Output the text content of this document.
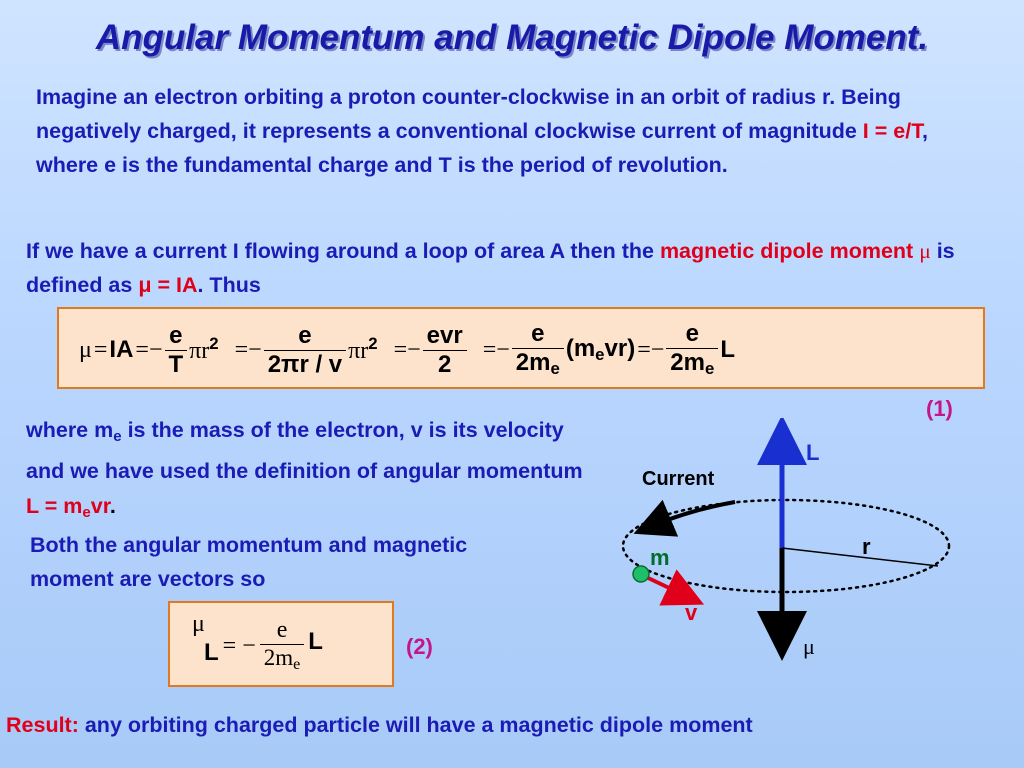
Angular Momentum and Magnetic Dipole Moment.
Imagine an electron orbiting a proton counter-clockwise in an orbit of radius r. Being negatively charged, it represents a conventional clockwise current of magnitude I = e/T, where e is the fundamental charge and T is the period of revolution.
If we have a current I flowing around a loop of area A then the magnetic dipole moment μ is defined as μ = IA. Thus
μ = IA =− $\frac{e}{T} \pi r^2 =- \frac{e}{2\pi r / v} \pi r^2 =- \frac{\text{evr}}{2} =- \frac{e}{2m_e} (m_evr) =- \frac{e}{2m_e}$ L
(1)
where $m_e$ is the mass of the electron, v is its velocity and we have used the definition of angular momentum $L = m_evr$.
Both the angular momentum and magnetic moment are vectors so
μ
L = − $\frac{e}{2m_e}$ L	(2)
L
Current
r
m
v
μ
Result: any orbiting charged particle will have a magnetic dipole moment
